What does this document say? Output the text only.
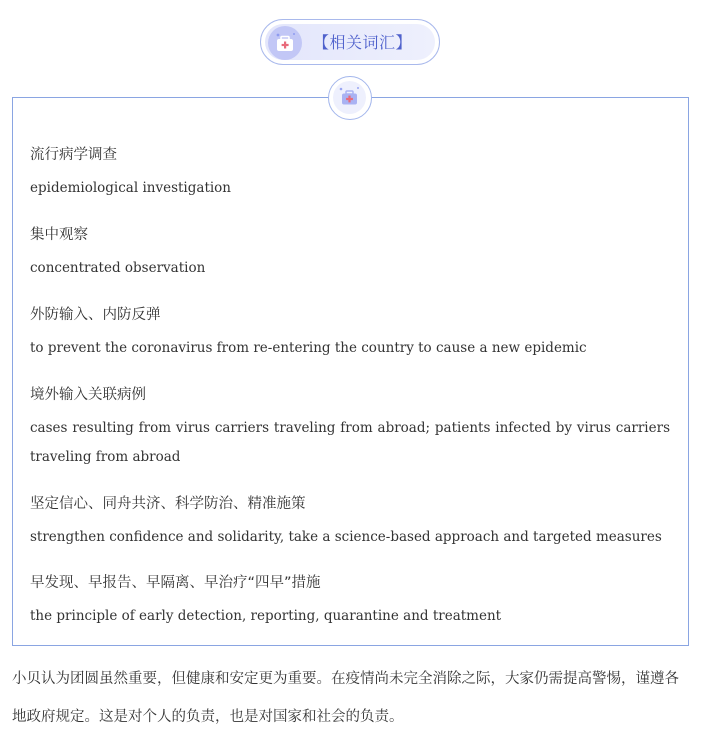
【相关词汇】
流行病学调查
epidemiological investigation
集中观察
concentrated observation
外防输入、内防反弹
to prevent the coronavirus from re-entering the country to cause a new epidemic
境外输入关联病例
cases resulting from virus carriers traveling from abroad; patients infected by virus carriers traveling from abroad
坚定信心、同舟共济、科学防治、精准施策
strengthen confidence and solidarity, take a science-based approach and targeted measures
早发现、早报告、早隔离、早治疗“四早”措施
the principle of early detection, reporting, quarantine and treatment
小贝认为团圆虽然重要，但健康和安定更为重要。在疫情尚未完全消除之际，大家仍需提高警惕，谨遵各地政府规定。这是对个人的负责，也是对国家和社会的负责。
